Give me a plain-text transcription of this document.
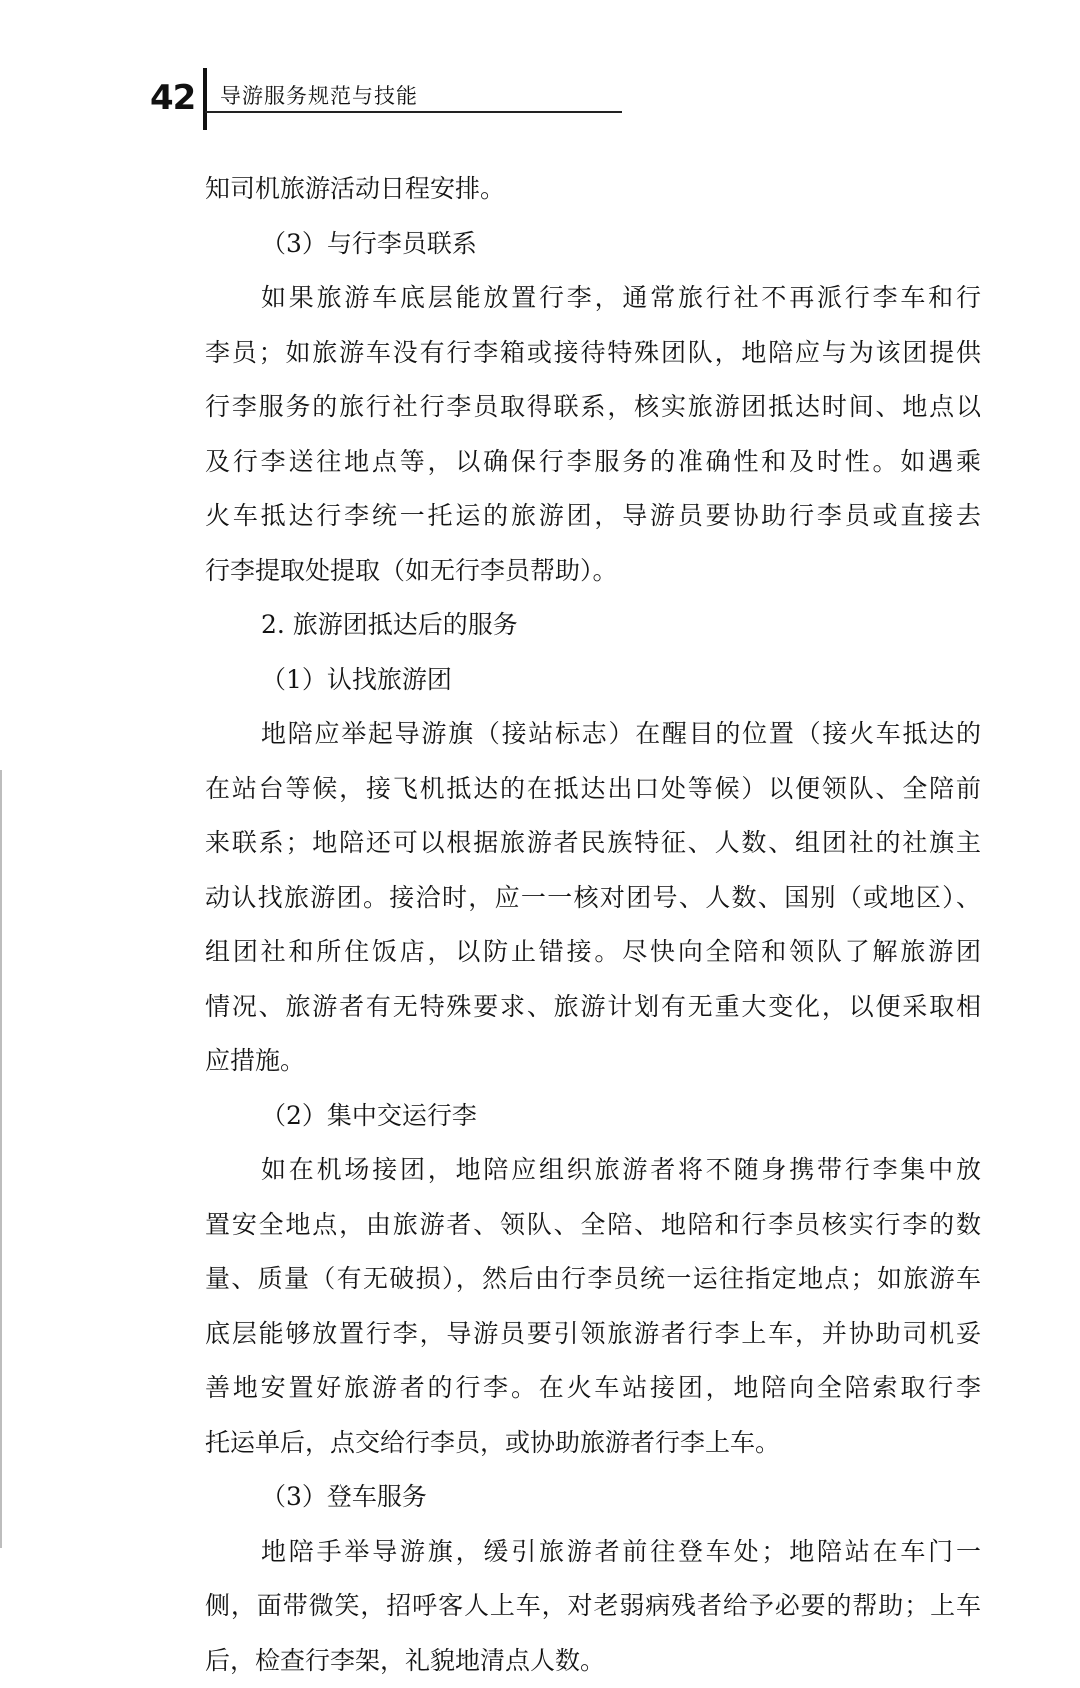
42 导游服务规范与技能
知司机旅游活动日程安排。
（3）与行李员联系
如果旅游车底层能放置行李，通常旅行社不再派行李车和行
李员；如旅游车没有行李箱或接待特殊团队，地陪应与为该团提供
行李服务的旅行社行李员取得联系，核实旅游团抵达时间、地点以
及行李送往地点等，以确保行李服务的准确性和及时性。如遇乘
火车抵达行李统一托运的旅游团，导游员要协助行李员或直接去
行李提取处提取（如无行李员帮助）。
2. 旅游团抵达后的服务
（1）认找旅游团
地陪应举起导游旗（接站标志）在醒目的位置（接火车抵达的
在站台等候，接飞机抵达的在抵达出口处等候）以便领队、全陪前
来联系；地陪还可以根据旅游者民族特征、人数、组团社的社旗主
动认找旅游团。接洽时，应一一核对团号、人数、国别（或地区）、
组团社和所住饭店，以防止错接。尽快向全陪和领队了解旅游团
情况、旅游者有无特殊要求、旅游计划有无重大变化，以便采取相
应措施。
（2）集中交运行李
如在机场接团，地陪应组织旅游者将不随身携带行李集中放
置安全地点，由旅游者、领队、全陪、地陪和行李员核实行李的数
量、质量（有无破损），然后由行李员统一运往指定地点；如旅游车
底层能够放置行李，导游员要引领旅游者行李上车，并协助司机妥
善地安置好旅游者的行李。在火车站接团，地陪向全陪索取行李
托运单后，点交给行李员，或协助旅游者行李上车。
（3）登车服务
地陪手举导游旗，缓引旅游者前往登车处；地陪站在车门一
侧，面带微笑，招呼客人上车，对老弱病残者给予必要的帮助；上车
后，检查行李架，礼貌地清点人数。
